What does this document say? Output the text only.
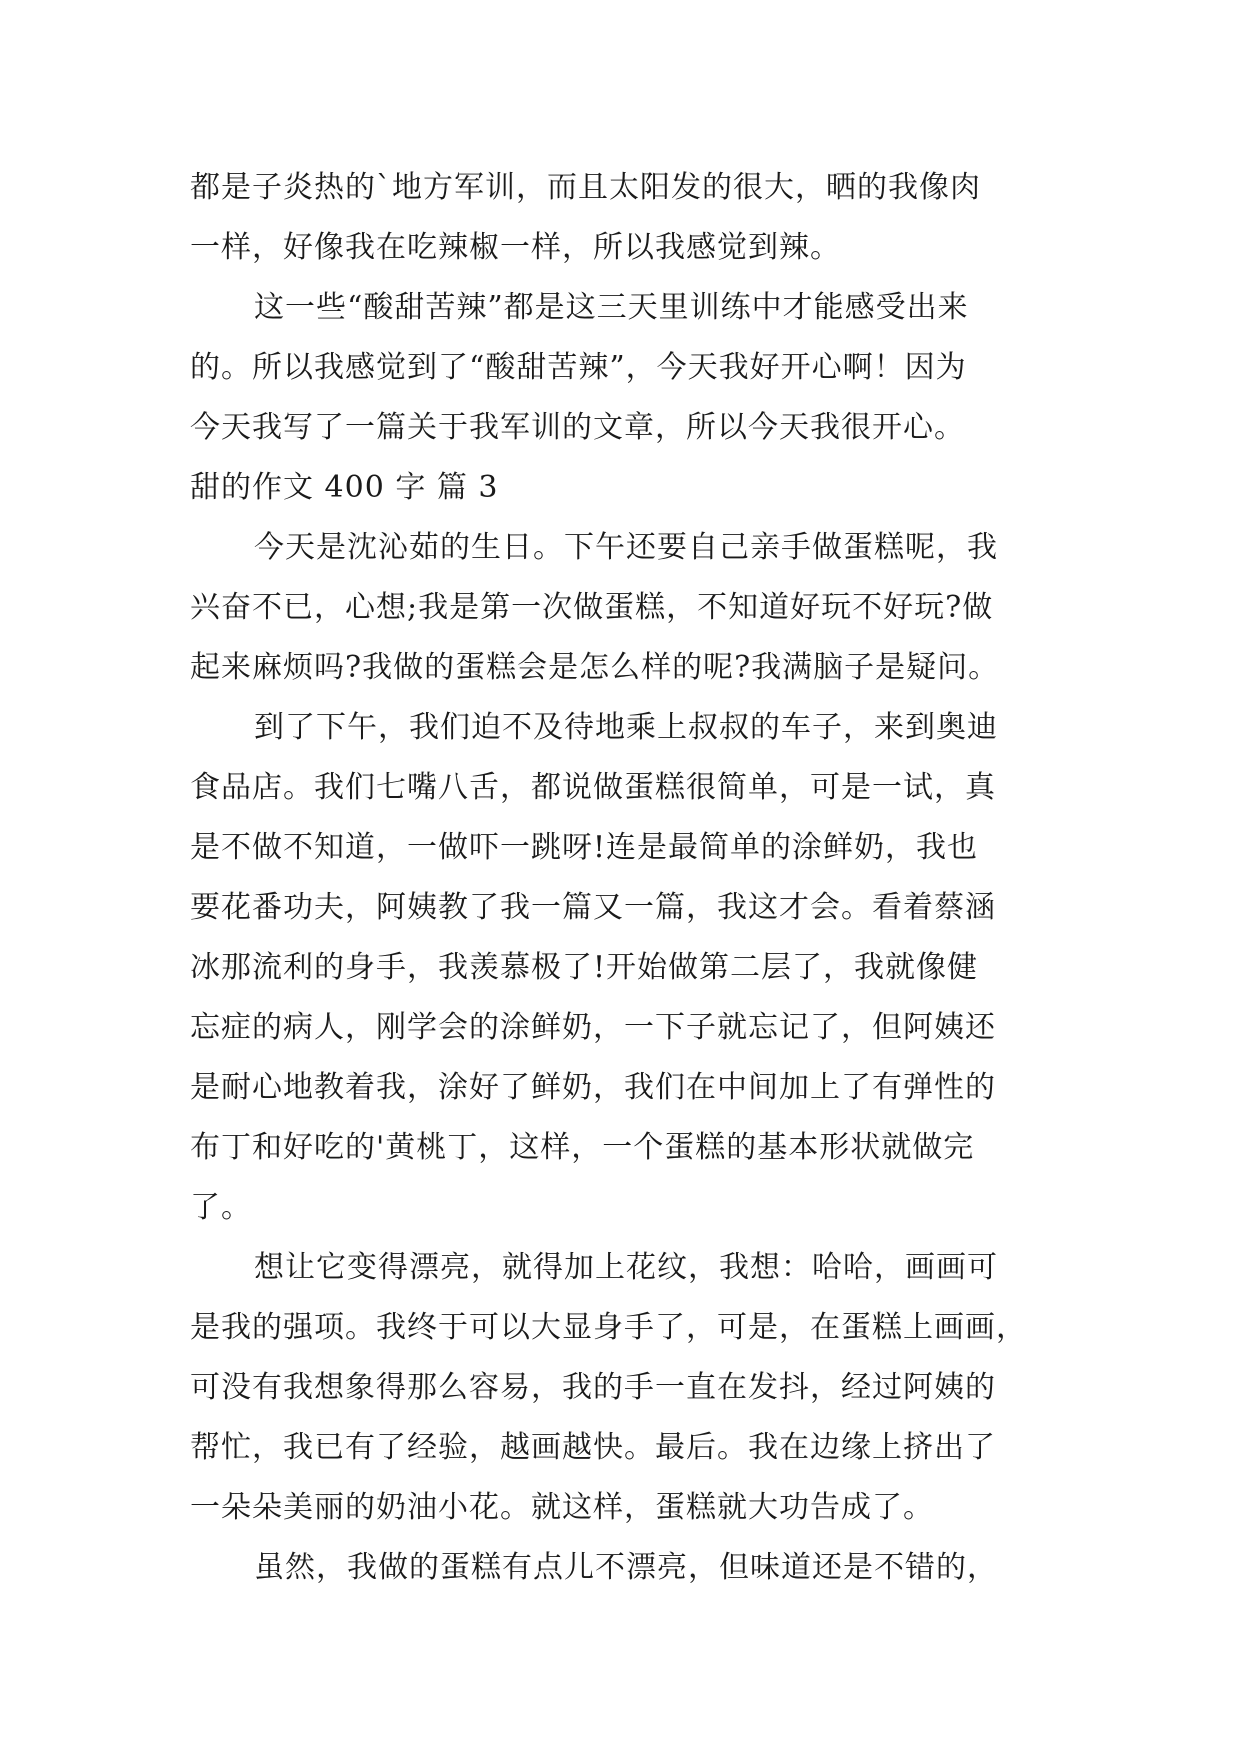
都是子炎热的`地方军训，而且太阳发的很大，晒的我像肉
一样，好像我在吃辣椒一样，所以我感觉到辣。
这一些“酸甜苦辣”都是这三天里训练中才能感受出来
的。所以我感觉到了“酸甜苦辣”，今天我好开心啊！因为
今天我写了一篇关于我军训的文章，所以今天我很开心。
甜的作文 400 字 篇 3
今天是沈沁茹的生日。下午还要自己亲手做蛋糕呢，我
兴奋不已，心想;我是第一次做蛋糕，不知道好玩不好玩?做
起来麻烦吗?我做的蛋糕会是怎么样的呢?我满脑子是疑问。
到了下午，我们迫不及待地乘上叔叔的车子，来到奥迪
食品店。我们七嘴八舌，都说做蛋糕很简单，可是一试，真
是不做不知道，一做吓一跳呀!连是最简单的涂鲜奶，我也
要花番功夫，阿姨教了我一篇又一篇，我这才会。看着蔡涵
冰那流利的身手，我羡慕极了!开始做第二层了，我就像健
忘症的病人，刚学会的涂鲜奶，一下子就忘记了，但阿姨还
是耐心地教着我，涂好了鲜奶，我们在中间加上了有弹性的
布丁和好吃的'黄桃丁，这样，一个蛋糕的基本形状就做完
了。
想让它变得漂亮，就得加上花纹，我想：哈哈，画画可
是我的强项。我终于可以大显身手了，可是，在蛋糕上画画，
可没有我想象得那么容易，我的手一直在发抖，经过阿姨的
帮忙，我已有了经验，越画越快。最后。我在边缘上挤出了
一朵朵美丽的奶油小花。就这样，蛋糕就大功告成了。
虽然，我做的蛋糕有点儿不漂亮，但味道还是不错的，
